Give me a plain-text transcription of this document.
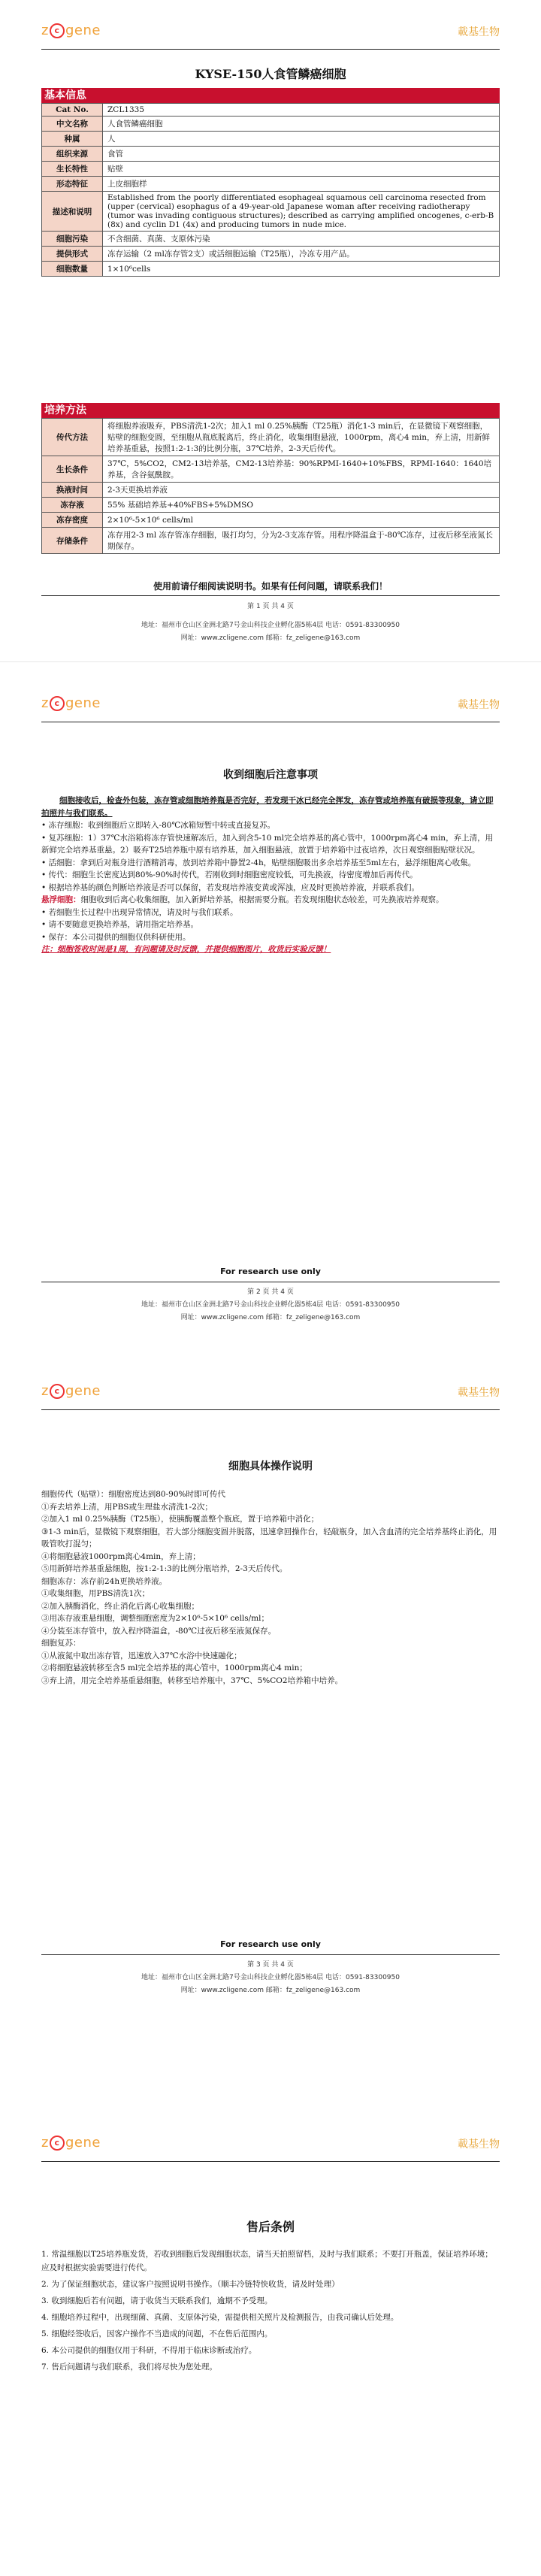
z c gene	載基生物
KYSE-150人食管鳞癌细胞
基本信息
Cat No.	ZCL1335
中文名称	人食管鳞癌细胞
种属	人
组织来源	食管
生长特性	贴壁
形态特征	上皮细胞样
描述和说明	Established from the poorly differentiated esophageal squamous cell carcinoma resected from (upper (cervical) esophagus of a 49-year-old Japanese woman after receiving radiotherapy (tumor was invading contiguous structures); described as carrying amplified oncogenes, c-erb-B (8x) and cyclin D1 (4x) and producing tumors in nude mice.
细胞污染	不含细菌、真菌、支原体污染
提供形式	冻存运输（2 ml冻存管2支）或活细胞运输（T25瓶），冷冻专用产品。
细胞数量	1×10⁶cells
培养方法
传代方法	将细胞养液吸弃，PBS清洗1-2次；加入1 ml 0.25%胰酶（T25瓶）消化1-3 min后，在显微镜下观察细胞，贴壁的细胞变圆，至细胞从瓶底脱离后，终止消化，收集细胞悬液，1000rpm，离心4 min，弃上清，用新鲜培养基重悬，按照1:2-1:3的比例分瓶，37℃培养，2-3天后传代。
生长条件	37℃，5%CO2，CM2-13培养基，CM2-13培养基：90%RPMI-1640+10%FBS，RPMI-1640：1640培养基，含谷氨酰胺。
换液时间	2-3天更换培养液
冻存液	55% 基础培养基+40%FBS+5%DMSO
冻存密度	2×10⁶-5×10⁶ cells/ml
存储条件	冻存用2-3 ml 冻存管冻存细胞，吸打均匀，分为2-3支冻存管。用程序降温盒于-80℃冻存，过夜后移至液氮长期保存。
使用前请仔细阅读说明书。如果有任何问题，请联系我们！
第 1 页 共 4 页
地址：福州市仓山区金洲北路7号金山科技企业孵化器5栋4层 电话：0591-83300950
网址：www.zcligene.com 邮箱：fz_zeligene@163.com
z c gene	載基生物
收到细胞后注意事项

细胞接收后，检查外包装，冻存管或细胞培养瓶是否完好，若发现干冰已经完全挥发，冻存管或培养瓶有破损等现象，请立即拍照并与我们联系。

• 冻存细胞：收到细胞后立即转入-80℃冰箱短暂中转或直接复苏。

• 复苏细胞：1）37℃水浴箱将冻存管快速解冻后，加入到含5-10 ml完全培养基的离心管中，1000rpm离心4 min，弃上清，用新鲜完全培养基重悬。2）吸弃T25培养瓶中原有培养基，加入细胞悬液，放置于培养箱中过夜培养，次日观察细胞贴壁状况。

• 活细胞：拿到后对瓶身进行酒精消毒，放到培养箱中静置2-4h，贴壁细胞吸出多余培养基至5ml左右，悬浮细胞离心收集。

• 传代：细胞生长密度达到80%-90%时传代，若刚收到时细胞密度较低，可先换液，待密度增加后再传代。

• 根据培养基的颜色判断培养液是否可以保留，若发现培养液变黄或浑浊，应及时更换培养液，并联系我们。

悬浮细胞：细胞收到后离心收集细胞，加入新鲜培养基，根据需要分瓶。若发现细胞状态较差，可先换液培养观察。

• 若细胞生长过程中出现异常情况，请及时与我们联系。

• 请不要随意更换培养基，请用指定培养基。

• 保存：本公司提供的细胞仅供科研使用。

注：细胞签收时间是1周，有问题请及时反馈，并提供细胞图片，收货后实验反馈！

For research use only
第 2 页 共 4 页
地址：福州市仓山区金洲北路7号金山科技企业孵化器5栋4层 电话：0591-83300950
网址：www.zcligene.com 邮箱：fz_zeligene@163.com
z c gene	載基生物
细胞具体操作说明

细胞传代（贴壁）：细胞密度达到80-90%时即可传代

①弃去培养上清，用PBS或生理盐水清洗1-2次；

②加入1 ml 0.25%胰酶（T25瓶），使胰酶覆盖整个瓶底，置于培养箱中消化；

③1-3 min后，显微镜下观察细胞，若大部分细胞变圆并脱落，迅速拿回操作台，轻敲瓶身，加入含血清的完全培养基终止消化，用吸管吹打混匀；

④将细胞悬液1000rpm离心4min，弃上清；

⑤用新鲜培养基重悬细胞，按1:2-1:3的比例分瓶培养，2-3天后传代。

细胞冻存：冻存前24h更换培养液。

①收集细胞，用PBS清洗1次；

②加入胰酶消化，终止消化后离心收集细胞；

③用冻存液重悬细胞，调整细胞密度为2×10⁶-5×10⁶ cells/ml；

④分装至冻存管中，放入程序降温盒，-80℃过夜后移至液氮保存。

细胞复苏：

①从液氮中取出冻存管，迅速放入37℃水浴中快速融化；

②将细胞悬液转移至含5 ml完全培养基的离心管中，1000rpm离心4 min；

③弃上清，用完全培养基重悬细胞，转移至培养瓶中，37℃、5%CO2培养箱中培养。

For research use only
第 3 页 共 4 页
地址：福州市仓山区金洲北路7号金山科技企业孵化器5栋4层 电话：0591-83300950
网址：www.zcligene.com 邮箱：fz_zeligene@163.com
z c gene	載基生物
售后条例

1. 常温细胞以T25培养瓶发货，若收到细胞后发现细胞状态，请当天拍照留档，及时与我们联系；不要打开瓶盖，保证培养环境；应及时根据实验需要进行传代。

2. 为了保证细胞状态，建议客户按照说明书操作。（顺丰冷链特快收货，请及时处理）

3. 收到细胞后若有问题，请于收货当天联系我们，逾期不予受理。

4. 细胞培养过程中，出现细菌、真菌、支原体污染，需提供相关照片及检测报告，由我司确认后处理。

5. 细胞经签收后，因客户操作不当造成的问题，不在售后范围内。

6. 本公司提供的细胞仅用于科研，不得用于临床诊断或治疗。

7. 售后问题请与我们联系，我们将尽快为您处理。
